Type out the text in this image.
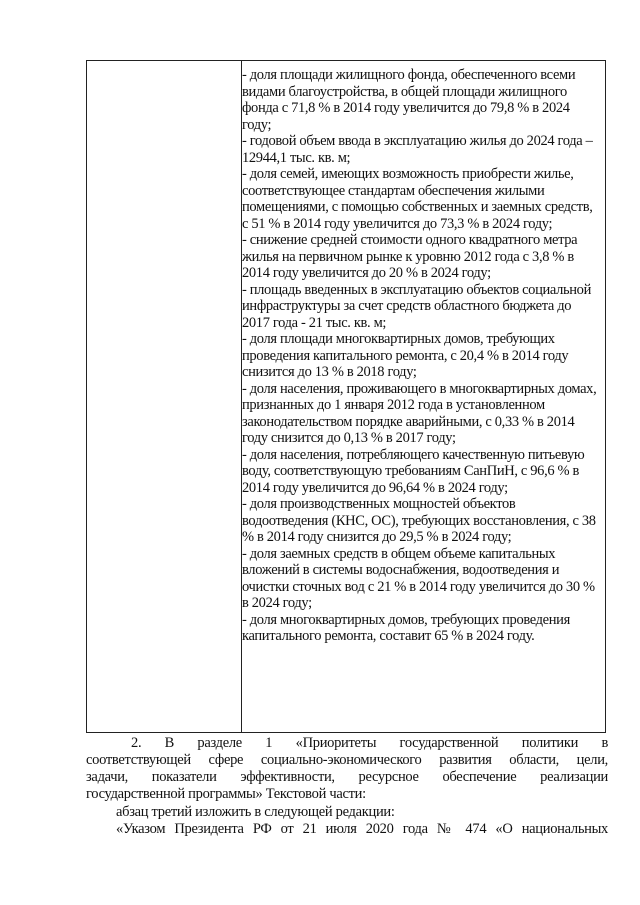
- доля площади жилищного фонда, обеспеченного всеми видами благоустройства, в общей площади жилищного фонда с 71,8 % в 2014 году увеличится до 79,8 % в 2024 году;

- годовой объем ввода в эксплуатацию жилья до 2024 года – 12944,1 тыс. кв. м;

- доля семей, имеющих возможность приобрести жилье, соответствующее стандартам обеспечения жилыми помещениями, с помощью собственных и заемных средств, с 51 % в 2014 году увеличится до 73,3 % в 2024 году;

- снижение средней стоимости одного квадратного метра жилья на первичном рынке к уровню 2012 года с 3,8 % в 2014 году увеличится до 20 % в 2024 году;

- площадь введенных в эксплуатацию объектов социальной инфраструктуры за счет средств областного бюджета до 2017 года - 21 тыс. кв. м;

- доля площади многоквартирных домов, требующих проведения капитального ремонта, с 20,4 % в 2014 году снизится до 13 % в 2018 году;

- доля населения, проживающего в многоквартирных домах, признанных до 1 января 2012 года в установленном законодательством порядке аварийными, с 0,33 % в 2014 году снизится до 0,13 % в 2017 году;

- доля населения, потребляющего качественную питьевую воду, соответствующую требованиям СанПиН, с 96,6 % в 2014 году увеличится до 96,64 % в 2024 году;

- доля производственных мощностей объектов водоотведения (КНС, ОС), требующих восстановления, с 38 % в 2014 году снизится до 29,5 % в 2024 году;

- доля заемных средств в общем объеме капитальных вложений в системы водоснабжения, водоотведения и очистки сточных вод с 21 % в 2014 году увеличится до 30 % в 2024 году;

- доля многоквартирных домов, требующих проведения капитального ремонта, составит 65 % в 2024 году.

2. В разделе 1 «Приоритеты государственной политики в
соответствующей сфере социально-экономического развития области, цели,
задачи, показатели эффективности, ресурсное обеспечение реализации
государственной программы» Текстовой части:
абзац третий изложить в следующей редакции:
«Указом Президента РФ от 21 июля 2020 года № 474 «О национальных
